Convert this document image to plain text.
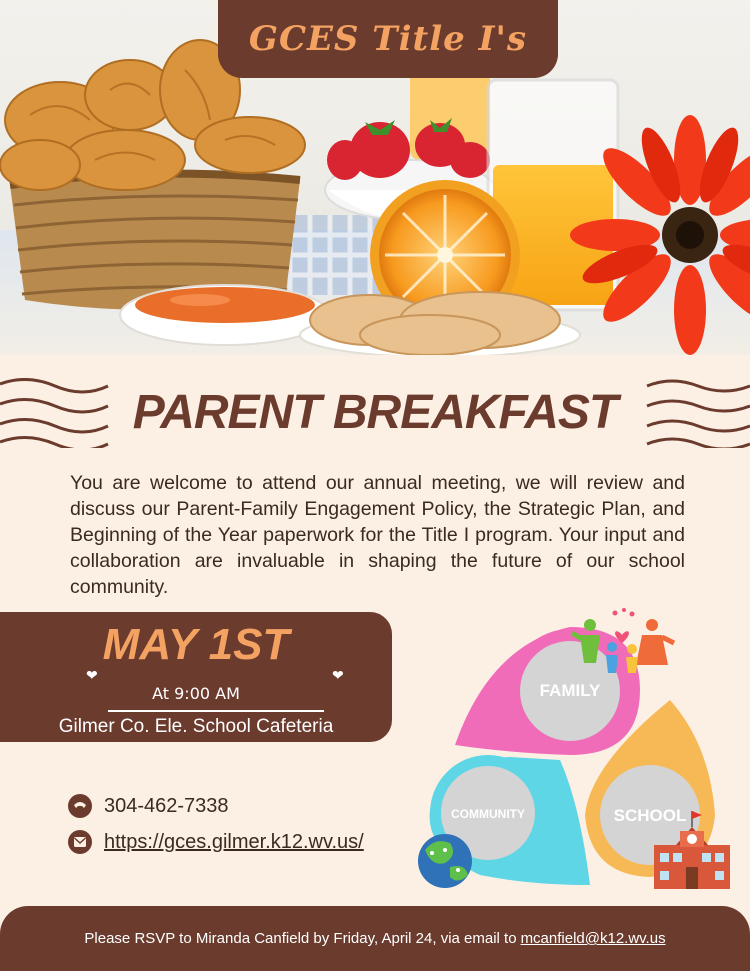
GCES Title I's
PARENT BREAKFAST
You are welcome to attend our annual meeting, we will review and discuss our Parent-Family Engagement Policy, the Strategic Plan, and Beginning of the Year paperwork for the Title I program. Your input and collaboration are invaluable in shaping the future of our school community.
MAY 1ST
❤	❤
At 9:00 AM
Gilmer Co. Ele. School Cafeteria
304-462-7338
https://gces.gilmer.k12.wv.us/
FAMILY
COMMUNITY	SCHOOL
Please RSVP to Miranda Canfield by Friday, April 24, via email to mcanfield@k12.wv.us
